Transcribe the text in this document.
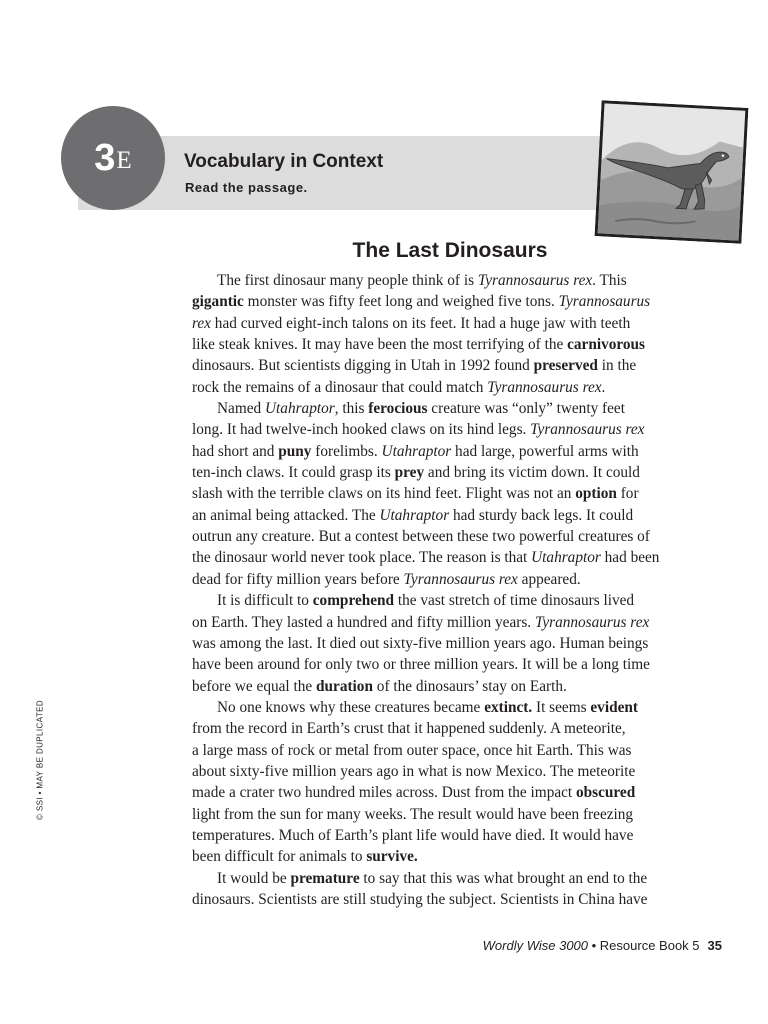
3 E	Vocabulary in Context
Read the passage.
The Last Dinosaurs
The first dinosaur many people think of is Tyrannosaurus rex. This
gigantic monster was fifty feet long and weighed five tons. Tyrannosaurus
rex had curved eight-inch talons on its feet. It had a huge jaw with teeth
like steak knives. It may have been the most terrifying of the carnivorous
dinosaurs. But scientists digging in Utah in 1992 found preserved in the
rock the remains of a dinosaur that could match Tyrannosaurus rex.
Named Utahraptor, this ferocious creature was “only” twenty feet
long. It had twelve-inch hooked claws on its hind legs. Tyrannosaurus rex
had short and puny forelimbs. Utahraptor had large, powerful arms with
ten-inch claws. It could grasp its prey and bring its victim down. It could
slash with the terrible claws on its hind feet. Flight was not an option for
an animal being attacked. The Utahraptor had sturdy back legs. It could
outrun any creature. But a contest between these two powerful creatures of
the dinosaur world never took place. The reason is that Utahraptor had been
dead for fifty million years before Tyrannosaurus rex appeared.
It is difficult to comprehend the vast stretch of time dinosaurs lived
on Earth. They lasted a hundred and fifty million years. Tyrannosaurus rex
was among the last. It died out sixty-five million years ago. Human beings
have been around for only two or three million years. It will be a long time
before we equal the duration of the dinosaurs’ stay on Earth.
No one knows why these creatures became extinct. It seems evident
from the record in Earth’s crust that it happened suddenly. A meteorite,
a large mass of rock or metal from outer space, once hit Earth. This was
about sixty-five million years ago in what is now Mexico. The meteorite
made a crater two hundred miles across. Dust from the impact obscured
light from the sun for many weeks. The result would have been freezing
temperatures. Much of Earth’s plant life would have died. It would have
been difficult for animals to survive.
It would be premature to say that this was what brought an end to the
dinosaurs. Scientists are still studying the subject. Scientists in China have
© SSI • MAY BE DUPLICATED
Wordly Wise 3000 • Resource Book 5 35
